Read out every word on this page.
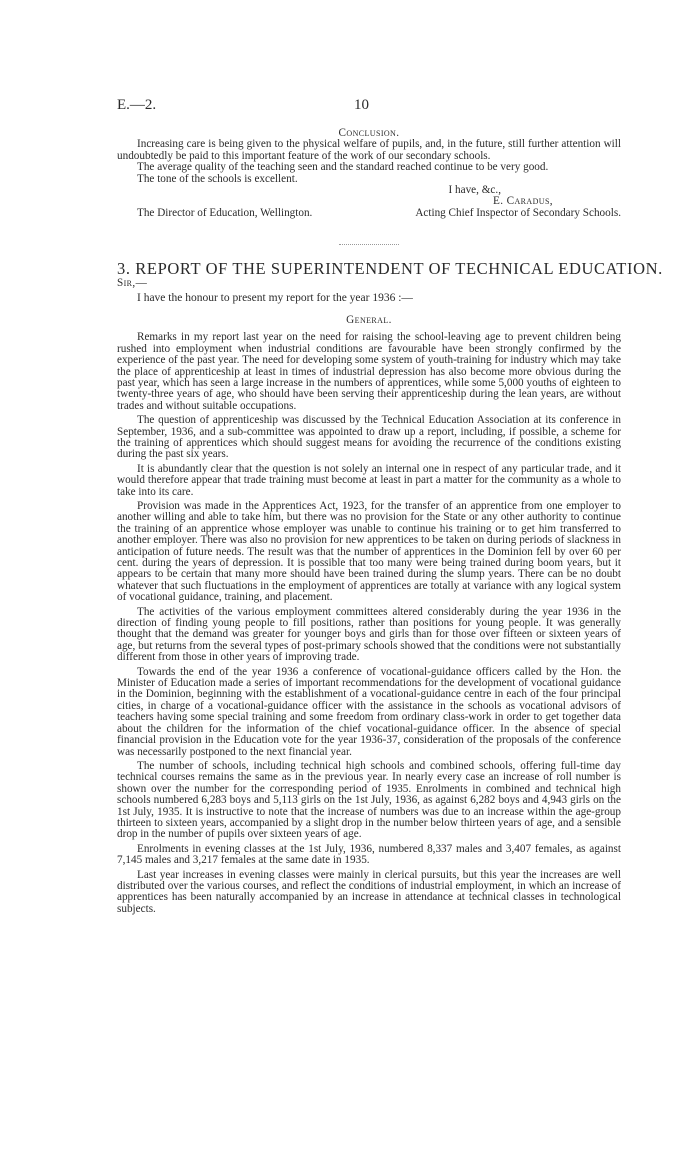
E.—2.	10
Conclusion.

Increasing care is being given to the physical welfare of pupils, and, in the future, still further attention will undoubtedly be paid to this important feature of the work of our secondary schools.

The average quality of the teaching seen and the standard reached continue to be very good.

The tone of the schools is excellent.

I have, &c.,
E. Caradus,
Acting Chief Inspector of Secondary Schools.

The Director of Education, Wellington.

3. REPORT OF THE SUPERINTENDENT OF TECHNICAL EDUCATION.
Sir,—
I have the honour to present my report for the year 1936 :—
General.

Remarks in my report last year on the need for raising the school-leaving age to prevent children being rushed into employment when industrial conditions are favourable have been strongly confirmed by the experience of the past year. The need for developing some system of youth-training for industry which may take the place of apprenticeship at least in times of industrial depression has also become more obvious during the past year, which has seen a large increase in the numbers of apprentices, while some 5,000 youths of eighteen to twenty-three years of age, who should have been serving their apprenticeship during the lean years, are without trades and without suitable occupations.

The question of apprenticeship was discussed by the Technical Education Association at its conference in September, 1936, and a sub-committee was appointed to draw up a report, including, if possible, a scheme for the training of apprentices which should suggest means for avoiding the recurrence of the conditions existing during the past six years.

It is abundantly clear that the question is not solely an internal one in respect of any particular trade, and it would therefore appear that trade training must become at least in part a matter for the community as a whole to take into its care.

Provision was made in the Apprentices Act, 1923, for the transfer of an apprentice from one employer to another willing and able to take him, but there was no provision for the State or any other authority to continue the training of an apprentice whose employer was unable to continue his training or to get him transferred to another employer. There was also no provision for new apprentices to be taken on during periods of slackness in anticipation of future needs. The result was that the number of apprentices in the Dominion fell by over 60 per cent. during the years of depression. It is possible that too many were being trained during boom years, but it appears to be certain that many more should have been trained during the slump years. There can be no doubt whatever that such fluctuations in the employment of apprentices are totally at variance with any logical system of vocational guidance, training, and placement.

The activities of the various employment committees altered considerably during the year 1936 in the direction of finding young people to fill positions, rather than positions for young people. It was generally thought that the demand was greater for younger boys and girls than for those over fifteen or sixteen years of age, but returns from the several types of post-primary schools showed that the conditions were not substantially different from those in other years of improving trade.

Towards the end of the year 1936 a conference of vocational-guidance officers called by the Hon. the Minister of Education made a series of important recommendations for the development of vocational guidance in the Dominion, beginning with the establishment of a vocational-guidance centre in each of the four principal cities, in charge of a vocational-guidance officer with the assistance in the schools as vocational advisors of teachers having some special training and some freedom from ordinary class-work in order to get together data about the children for the information of the chief vocational-guidance officer. In the absence of special financial provision in the Education vote for the year 1936-37, consideration of the proposals of the conference was necessarily postponed to the next financial year.

The number of schools, including technical high schools and combined schools, offering full-time day technical courses remains the same as in the previous year. In nearly every case an increase of roll number is shown over the number for the corresponding period of 1935. Enrolments in combined and technical high schools numbered 6,283 boys and 5,113 girls on the 1st July, 1936, as against 6,282 boys and 4,943 girls on the 1st July, 1935. It is instructive to note that the increase of numbers was due to an increase within the age-group thirteen to sixteen years, accompanied by a slight drop in the number below thirteen years of age, and a sensible drop in the number of pupils over sixteen years of age.

Enrolments in evening classes at the 1st July, 1936, numbered 8,337 males and 3,407 females, as against 7,145 males and 3,217 females at the same date in 1935.

Last year increases in evening classes were mainly in clerical pursuits, but this year the increases are well distributed over the various courses, and reflect the conditions of industrial employment, in which an increase of apprentices has been naturally accompanied by an increase in attendance at technical classes in technological subjects.
